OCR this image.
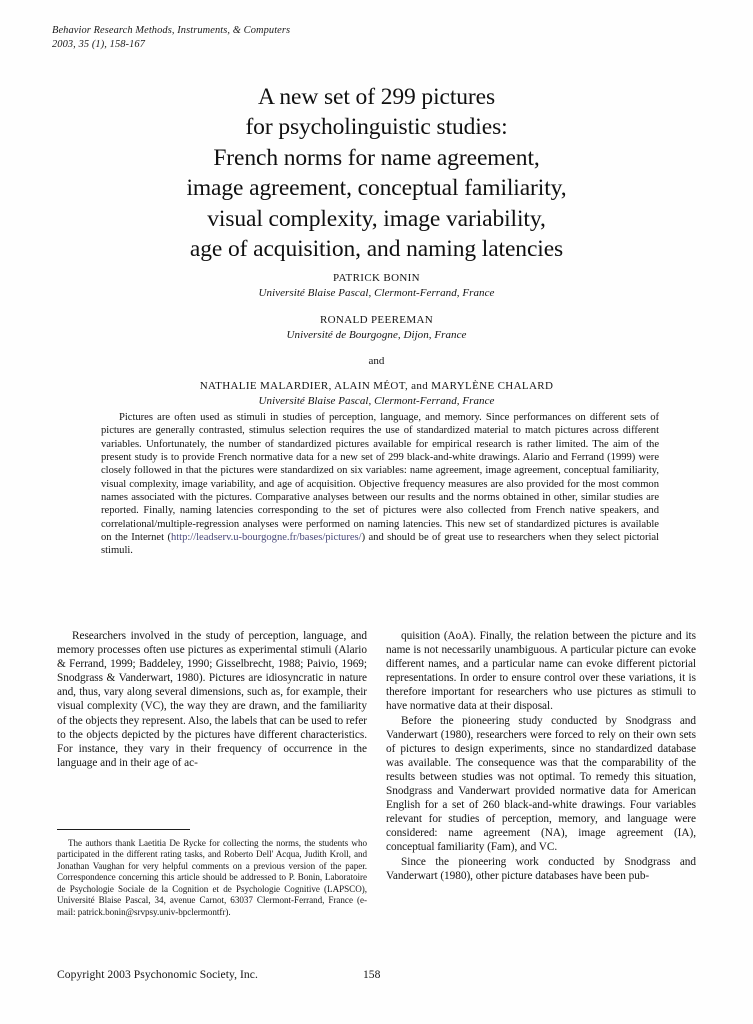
Behavior Research Methods, Instruments, & Computers
2003, 35 (1), 158-167
A new set of 299 pictures
for psycholinguistic studies:
French norms for name agreement,
image agreement, conceptual familiarity,
visual complexity, image variability,
age of acquisition, and naming latencies
PATRICK BONIN
Université Blaise Pascal, Clermont-Ferrand, France
RONALD PEEREMAN
Université de Bourgogne, Dijon, France
and
NATHALIE MALARDIER, ALAIN MÉOT, and MARYLÈNE CHALARD
Université Blaise Pascal, Clermont-Ferrand, France
Pictures are often used as stimuli in studies of perception, language, and memory. Since performances on different sets of pictures are generally contrasted, stimulus selection requires the use of standardized material to match pictures across different variables. Unfortunately, the number of standardized pictures available for empirical research is rather limited. The aim of the present study is to provide French normative data for a new set of 299 black-and-white drawings. Alario and Ferrand (1999) were closely followed in that the pictures were standardized on six variables: name agreement, image agreement, conceptual familiarity, visual complexity, image variability, and age of acquisition. Objective frequency measures are also provided for the most common names associated with the pictures. Comparative analyses between our results and the norms obtained in other, similar studies are reported. Finally, naming latencies corresponding to the set of pictures were also collected from French native speakers, and correlational/multiple-regression analyses were performed on naming latencies. This new set of standardized pictures is available on the Internet (http://leadserv.u-bourgogne.fr/bases/pictures/) and should be of great use to researchers when they select pictorial stimuli.

Researchers involved in the study of perception, language, and memory processes often use pictures as experimental stimuli (Alario & Ferrand, 1999; Baddeley, 1990; Gisselbrecht, 1988; Paivio, 1969; Snodgrass & Vanderwart, 1980). Pictures are idiosyncratic in nature and, thus, vary along several dimensions, such as, for example, their visual complexity (VC), the way they are drawn, and the familiarity of the objects they represent. Also, the labels that can be used to refer to the objects depicted by the pictures have different characteristics. For instance, they vary in their frequency of occurrence in the language and in their age of ac-

quisition (AoA). Finally, the relation between the picture and its name is not necessarily unambiguous. A particular picture can evoke different names, and a particular name can evoke different pictorial representations. In order to ensure control over these variations, it is therefore important for researchers who use pictures as stimuli to have normative data at their disposal.

Before the pioneering study conducted by Snodgrass and Vanderwart (1980), researchers were forced to rely on their own sets of pictures to design experiments, since no standardized database was available. The consequence was that the comparability of the results between studies was not optimal. To remedy this situation, Snodgrass and Vanderwart provided normative data for American English for a set of 260 black-and-white drawings. Four variables relevant for studies of perception, memory, and language were considered: name agreement (NA), image agreement (IA), conceptual familiarity (Fam), and VC.

Since the pioneering work conducted by Snodgrass and Vanderwart (1980), other picture databases have been pub-

The authors thank Laetitia De Rycke for collecting the norms, the students who participated in the different rating tasks, and Roberto Dell' Acqua, Judith Kroll, and Jonathan Vaughan for very helpful comments on a previous version of the paper. Correspondence concerning this article should be addressed to P. Bonin, Laboratoire de Psychologie Sociale de la Cognition et de Psychologie Cognitive (LAPSCO), Université Blaise Pascal, 34, avenue Carnot, 63037 Clermont-Ferrand, France (e-mail: patrick.bonin@srvpsy.univ-bpclermontfr).
Copyright 2003 Psychonomic Society, Inc.	158
